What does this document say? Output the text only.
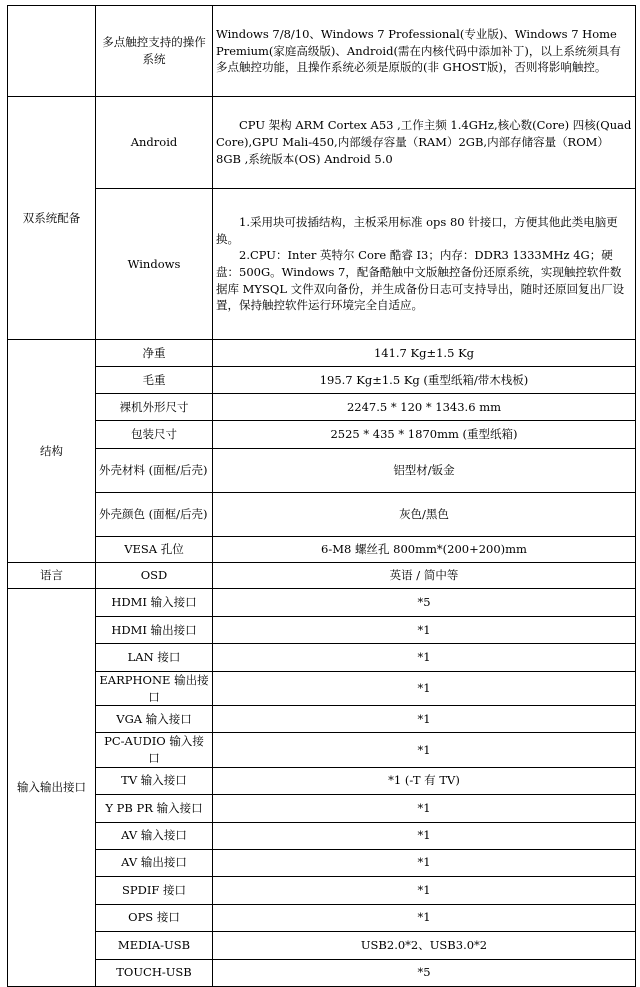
	多点触控支持的操作系统	Windows 7/8/10、Windows 7 Professional(专业版)、Windows 7 Home Premium(家庭高级版)、Android(需在内核代码中添加补丁)，以上系统须具有多点触控功能，且操作系统必须是原版的(非 GHOST版)，否则将影响触控。
双系统配备	Android	CPU 架构 ARM Cortex A53 ,工作主频 1.4GHz,核心数(Core) 四核(Quad Core),GPU Mali-450,内部缓存容量（RAM）2GB,内部存储容量（ROM）8GB ,系统版本(OS) Android 5.0

	Windows	1.采用块可拔插结构，主板采用标准 ops 80 针接口，方便其他此类电脑更换。

2.CPU：Inter 英特尔 Core 酷睿 I3；内存：DDR3 1333MHz 4G；硬盘：500G。Windows 7，配备酷触中文版触控备份还原系统，实现触控软件数据库 MYSQL 文件双向备份，并生成备份日志可支持导出，随时还原回复出厂设置，保持触控软件运行环境完全自适应。

结构	净重	141.7 Kg±1.5 Kg
	毛重	195.7 Kg±1.5 Kg (重型纸箱/带木栈板)
	裸机外形尺寸	2247.5 * 120 * 1343.6 mm
	包装尺寸	2525 * 435 * 1870mm (重型纸箱)
	外壳材料 (面框/后壳)	铝型材/钣金
	外壳颜色 (面框/后壳)	灰色/黑色
	VESA 孔位	6-M8 螺丝孔 800mm*(200+200)mm
语言	OSD	英语 / 简中等
输入输出接口	HDMI 输入接口	*5
	HDMI 输出接口	*1
	LAN 接口	*1
	EARPHONE 输出接口	*1
	VGA 输入接口	*1
	PC-AUDIO 输入接口	*1
	TV 输入接口	*1 (-T 有 TV)
	Y PB PR 输入接口	*1
	AV 输入接口	*1
	AV 输出接口	*1
	SPDIF 接口	*1
	OPS 接口	*1
	MEDIA-USB	USB2.0*2、USB3.0*2
	TOUCH-USB	*5
